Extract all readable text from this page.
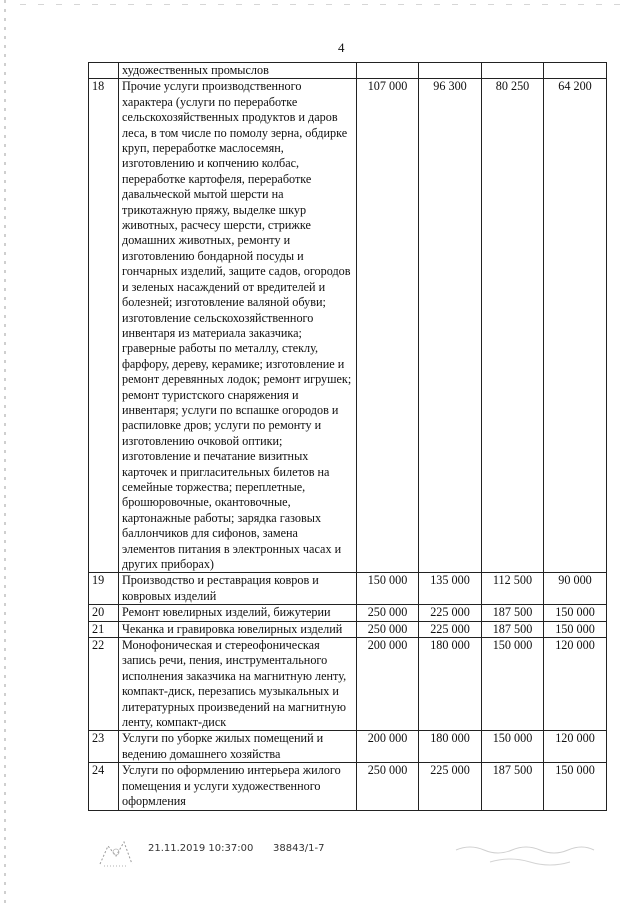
4
	художественных промыслов				
18	Прочие услуги производственного характера (услуги по переработке сельскохозяйственных продуктов и даров леса, в том числе по помолу зерна, обдирке круп, переработке маслосемян, изготовлению и копчению колбас, переработке картофеля, переработке давальческой мытой шерсти на трикотажную пряжу, выделке шкур животных, расчесу шерсти, стрижке домашних животных, ремонту и изготовлению бондарной посуды и гончарных изделий, защите садов, огородов и зеленых насаждений от вредителей и болезней; изготовление валяной обуви; изготовление сельскохозяйственного инвентаря из материала заказчика; граверные работы по металлу, стеклу, фарфору, дереву, керамике; изготовление и ремонт деревянных лодок; ремонт игрушек; ремонт туристского снаряжения и инвентаря; услуги по вспашке огородов и распиловке дров; услуги по ремонту и изготовлению очковой оптики; изготовление и печатание визитных карточек и пригласительных билетов на семейные торжества; переплетные, брошюровочные, окантовочные, картонажные работы; зарядка газовых баллончиков для сифонов, замена элементов питания в электронных часах и других приборах)	107 000	96 300	80 250	64 200
19	Производство и реставрация ковров и ковровых изделий	150 000	135 000	112 500	90 000
20	Ремонт ювелирных изделий, бижутерии	250 000	225 000	187 500	150 000
21	Чеканка и гравировка ювелирных изделий	250 000	225 000	187 500	150 000
22	Монофоническая и стереофоническая запись речи, пения, инструментального исполнения заказчика на магнитную ленту, компакт-диск, перезапись музыкальных и литературных произведений на магнитную ленту, компакт-диск	200 000	180 000	150 000	120 000
23	Услуги по уборке жилых помещений и ведению домашнего хозяйства	200 000	180 000	150 000	120 000
24	Услуги по оформлению интерьера жилого помещения и услуги художественного оформления	250 000	225 000	187 500	150 000
21.11.2019 10:37:00 38843/1-7
